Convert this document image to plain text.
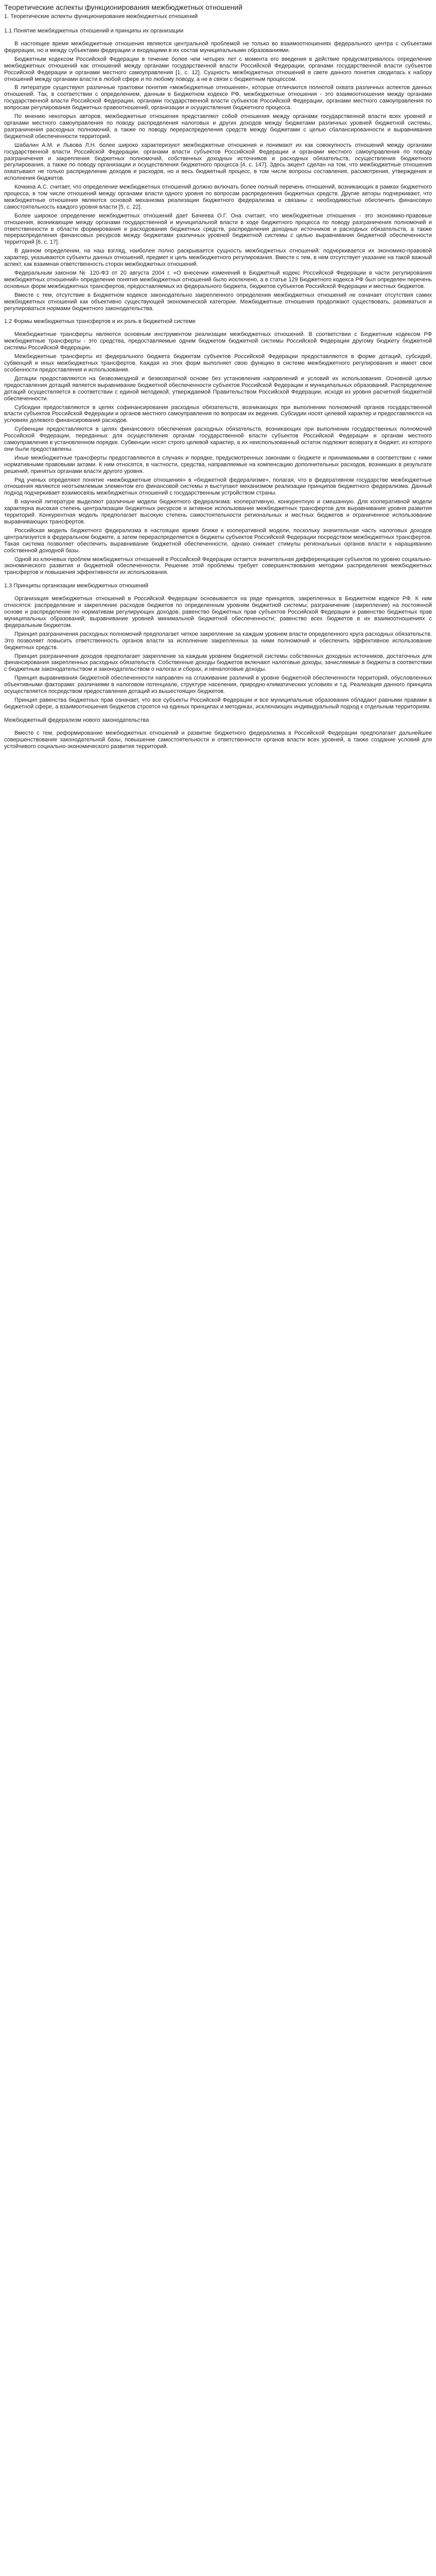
Теоретические аспекты функционирования межбюджетных отношений
1. Теоретические аспекты функционирования межбюджетных отношений
1.1 Понятие межбюджетных отношений и принципы их организации

В настоящее время межбюджетные отношения являются центральной проблемой не только во взаимоотношениях федерального центра с субъектами федерации, но и между субъектами федерации и входящими в их состав муниципальными образованиями.

Бюджетным кодексом Российской Федерации в течение более чем четырех лет с момента его введения в действие предусматривалось определение межбюджетных отношений как отношений между органами государственной власти Российской Федерации, органами государственной власти субъектов Российской Федерации и органами местного самоуправления [1, с. 12]. Сущность межбюджетных отношений в свете данного понятия сводилась к набору отношений между органами власти в любой сфере и по любому поводу, а не в связи с бюджетным процессом.

В литературе существуют различные трактовки понятия «межбюджетные отношения», которые отличаются полнотой охвата различных аспектов данных отношений. Так, в соответствии с определением, данным в Бюджетном кодексе РФ, межбюджетные отношения - это взаимоотношения между органами государственной власти Российской Федерации, органами государственной власти субъектов Российской Федерации, органами местного самоуправления по вопросам регулирования бюджетных правоотношений, организации и осуществления бюджетного процесса.

По мнению некоторых авторов, межбюджетные отношения представляют собой отношения между органами государственной власти всех уровней и органами местного самоуправления по поводу распределения налоговых и других доходов между бюджетами различных уровней бюджетной системы, разграничения расходных полномочий, а также по поводу перераспределения средств между бюджетами с целью сбалансированности и выравнивания бюджетной обеспеченности территорий.

Шабалин А.М. и Львова Л.Н. более широко характеризуют межбюджетные отношения и понимают их как совокупность отношений между органами государственной власти Российской Федерации, органами власти субъектов Российской Федерации и органами местного самоуправления по поводу разграничения и закрепления бюджетных полномочий, собственных доходных источников и расходных обязательств, осуществления бюджетного регулирования, а также по поводу организации и осуществления бюджетного процесса [4, с. 147]. Здесь акцент сделан на том, что межбюджетные отношения охватывают не только распределение доходов и расходов, но и весь бюджетный процесс, в том числе вопросы составления, рассмотрения, утверждения и исполнения бюджетов.

Кочкина А.С. считает, что определение межбюджетных отношений должно включать более полный перечень отношений, возникающих в рамках бюджетного процесса, в том числе отношений между органами власти одного уровня по вопросам распределения бюджетных средств. Другие авторы подчеркивают, что межбюджетные отношения являются основой механизма реализации бюджетного федерализма и связаны с необходимостью обеспечить финансовую самостоятельность каждого уровня власти [5, с. 22].

Более широкое определение межбюджетных отношений дает Бачеева О.Г. Она считает, что межбюджетные отношения - это экономико-правовые отношения, возникающие между органами государственной и муниципальной власти в ходе бюджетного процесса по поводу разграничения полномочий и ответственности в области формирования и расходования бюджетных средств, распределения доходных источников и расходных обязательств, а также перераспределения финансовых ресурсов между бюджетами различных уровней бюджетной системы с целью выравнивания бюджетной обеспеченности территорий [6, с. 17].

В данном определении, на наш взгляд, наиболее полно раскрывается сущность межбюджетных отношений: подчеркивается их экономико-правовой характер, указываются субъекты данных отношений, предмет и цель межбюджетного регулирования. Вместе с тем, в нем отсутствует указание на такой важный аспект, как взаимная ответственность сторон межбюджетных отношений.

Федеральным законом № 120-ФЗ от 20 августа 2004 г. «О внесении изменений в Бюджетный кодекс Российской Федерации в части регулирования межбюджетных отношений» определение понятия межбюджетных отношений было исключено, а в статье 129 Бюджетного кодекса РФ был определен перечень основных форм межбюджетных трансфертов, предоставляемых из федерального бюджета, бюджетов субъектов Российской Федерации и местных бюджетов.

Вместе с тем, отсутствие в Бюджетном кодексе законодательно закрепленного определения межбюджетных отношений не означает отсутствия самих межбюджетных отношений как объективно существующей экономической категории. Межбюджетные отношения продолжают существовать, развиваться и регулироваться нормами бюджетного законодательства.

1.2 Формы межбюджетных трансфертов и их роль в бюджетной системе

Межбюджетные трансферты являются основным инструментом реализации межбюджетных отношений. В соответствии с Бюджетным кодексом РФ межбюджетные трансферты - это средства, предоставляемые одним бюджетом бюджетной системы Российской Федерации другому бюджету бюджетной системы Российской Федерации.

Межбюджетные трансферты из федерального бюджета бюджетам субъектов Российской Федерации предоставляются в форме дотаций, субсидий, субвенций и иных межбюджетных трансфертов. Каждая из этих форм выполняет свою функцию в системе межбюджетного регулирования и имеет свои особенности предоставления и использования.

Дотации предоставляются на безвозмездной и безвозвратной основе без установления направлений и условий их использования. Основной целью предоставления дотаций является выравнивание бюджетной обеспеченности субъектов Российской Федерации и муниципальных образований. Распределение дотаций осуществляется в соответствии с единой методикой, утверждаемой Правительством Российской Федерации, исходя из уровня расчетной бюджетной обеспеченности.

Субсидии предоставляются в целях софинансирования расходных обязательств, возникающих при выполнении полномочий органов государственной власти субъектов Российской Федерации и органов местного самоуправления по вопросам их ведения. Субсидии носят целевой характер и предоставляются на условиях долевого финансирования расходов.

Субвенции предоставляются в целях финансового обеспечения расходных обязательств, возникающих при выполнении государственных полномочий Российской Федерации, переданных для осуществления органам государственной власти субъектов Российской Федерации и органам местного самоуправления в установленном порядке. Субвенции носят строго целевой характер, а их неиспользованный остаток подлежит возврату в бюджет, из которого они были предоставлены.

Иные межбюджетные трансферты предоставляются в случаях и порядке, предусмотренных законами о бюджете и принимаемыми в соответствии с ними нормативными правовыми актами. К ним относятся, в частности, средства, направляемые на компенсацию дополнительных расходов, возникших в результате решений, принятых органами власти другого уровня.

Ряд ученых определяют понятие «межбюджетные отношения» в «бюджетной федерализме», полагая, что в федеративном государстве межбюджетные отношения являются неотъемлемым элементом его финансовой системы и выступают механизмом реализации принципов бюджетного федерализма. Данный подход подчеркивает взаимосвязь межбюджетных отношений с государственным устройством страны.

В научной литературе выделяют различные модели бюджетного федерализма: кооперативную, конкурентную и смешанную. Для кооперативной модели характерна высокая степень централизации бюджетных ресурсов и активное использование межбюджетных трансфертов для выравнивания уровня развития территорий. Конкурентная модель предполагает высокую степень самостоятельности региональных и местных бюджетов и ограниченное использование выравнивающих трансфертов.

Российская модель бюджетного федерализма в настоящее время ближе к кооперативной модели, поскольку значительная часть налоговых доходов централизуется в федеральном бюджете, а затем перераспределяется в бюджеты субъектов Российской Федерации посредством межбюджетных трансфертов. Такая система позволяет обеспечить выравнивание бюджетной обеспеченности, однако снижает стимулы региональных органов власти к наращиванию собственной доходной базы.

Одной из ключевых проблем межбюджетных отношений в Российской Федерации остается значительная дифференциация субъектов по уровню социально-экономического развития и бюджетной обеспеченности. Решение этой проблемы требует совершенствования методики распределения межбюджетных трансфертов и повышения эффективности их использования.

1.3 Принципы организации межбюджетных отношений

Организация межбюджетных отношений в Российской Федерации основывается на ряде принципов, закрепленных в Бюджетном кодексе РФ. К ним относятся: распределение и закрепление расходов бюджетов по определенным уровням бюджетной системы; разграничение (закрепление) на постоянной основе и распределение по нормативам регулирующих доходов; равенство бюджетных прав субъектов Российской Федерации и равенство бюджетных прав муниципальных образований; выравнивание уровней минимальной бюджетной обеспеченности; равенство всех бюджетов в их взаимоотношениях с федеральным бюджетом.

Принцип разграничения расходных полномочий предполагает четкое закрепление за каждым уровнем власти определенного круга расходных обязательств. Это позволяет повысить ответственность органов власти за исполнение закрепленных за ними полномочий и обеспечить эффективное использование бюджетных средств.

Принцип разграничения доходов предполагает закрепление за каждым уровнем бюджетной системы собственных доходных источников, достаточных для финансирования закрепленных расходных обязательств. Собственные доходы бюджетов включают налоговые доходы, зачисляемые в бюджеты в соответствии с бюджетным законодательством и законодательством о налогах и сборах, и неналоговые доходы.

Принцип выравнивания бюджетной обеспеченности направлен на сглаживание различий в уровне бюджетной обеспеченности территорий, обусловленных объективными факторами: различиями в налоговом потенциале, структуре населения, природно-климатических условиях и т.д. Реализация данного принципа осуществляется посредством предоставления дотаций из вышестоящих бюджетов.

Принцип равенства бюджетных прав означает, что все субъекты Российской Федерации и все муниципальные образования обладают равными правами в бюджетной сфере, а взаимоотношения бюджетов строятся на единых принципах и методиках, исключающих индивидуальный подход к отдельным территориям.

Межбюджетный федерализм нового законодательства

Вместе с тем, реформирование межбюджетных отношений и развитие бюджетного федерализма в Российской Федерации предполагает дальнейшее совершенствование законодательной базы, повышение самостоятельности и ответственности органов власти всех уровней, а также создание условий для устойчивого социально-экономического развития территорий.
